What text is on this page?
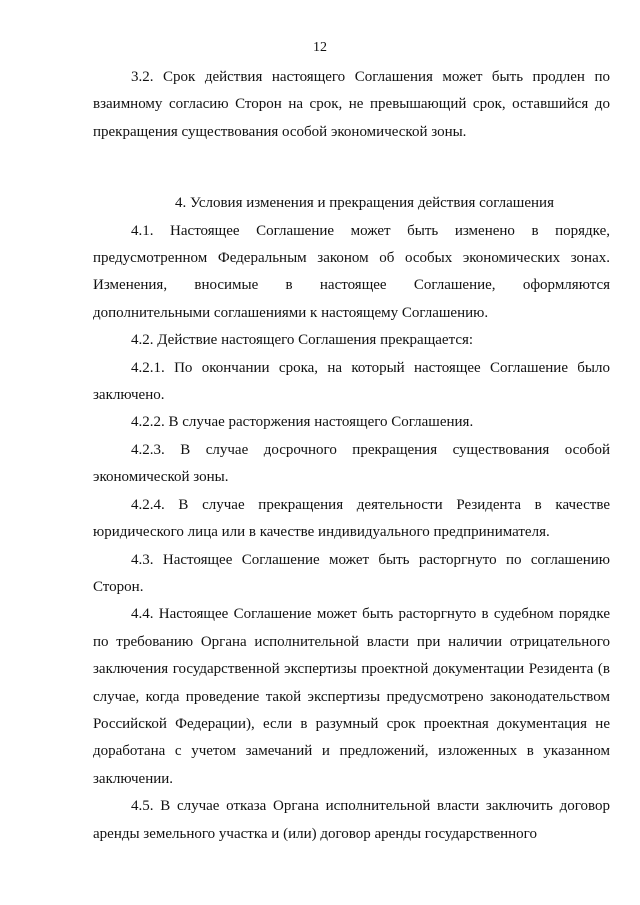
12

3.2. Срок действия настоящего Соглашения может быть продлен по взаимному согласию Сторон на срок, не превышающий срок, оставшийся до прекращения существования особой экономической зоны.

4. Условия изменения и прекращения действия соглашения

4.1. Настоящее Соглашение может быть изменено в порядке, предусмотренном Федеральным законом об особых экономических зонах. Изменения, вносимые в настоящее Соглашение, оформляются дополнительными соглашениями к настоящему Соглашению.

4.2. Действие настоящего Соглашения прекращается:

4.2.1. По окончании срока, на который настоящее Соглашение было заключено.

4.2.2. В случае расторжения настоящего Соглашения.

4.2.3. В случае досрочного прекращения существования особой экономической зоны.

4.2.4. В случае прекращения деятельности Резидента в качестве юридического лица или в качестве индивидуального предпринимателя.

4.3. Настоящее Соглашение может быть расторгнуто по соглашению Сторон.

4.4. Настоящее Соглашение может быть расторгнуто в судебном порядке по требованию Органа исполнительной власти при наличии отрицательного заключения государственной экспертизы проектной документации Резидента (в случае, когда проведение такой экспертизы предусмотрено законодательством Российской Федерации), если в разумный срок проектная документация не доработана с учетом замечаний и предложений, изложенных в указанном заключении.

4.5. В случае отказа Органа исполнительной власти заключить договор аренды земельного участка и (или) договор аренды государственного
